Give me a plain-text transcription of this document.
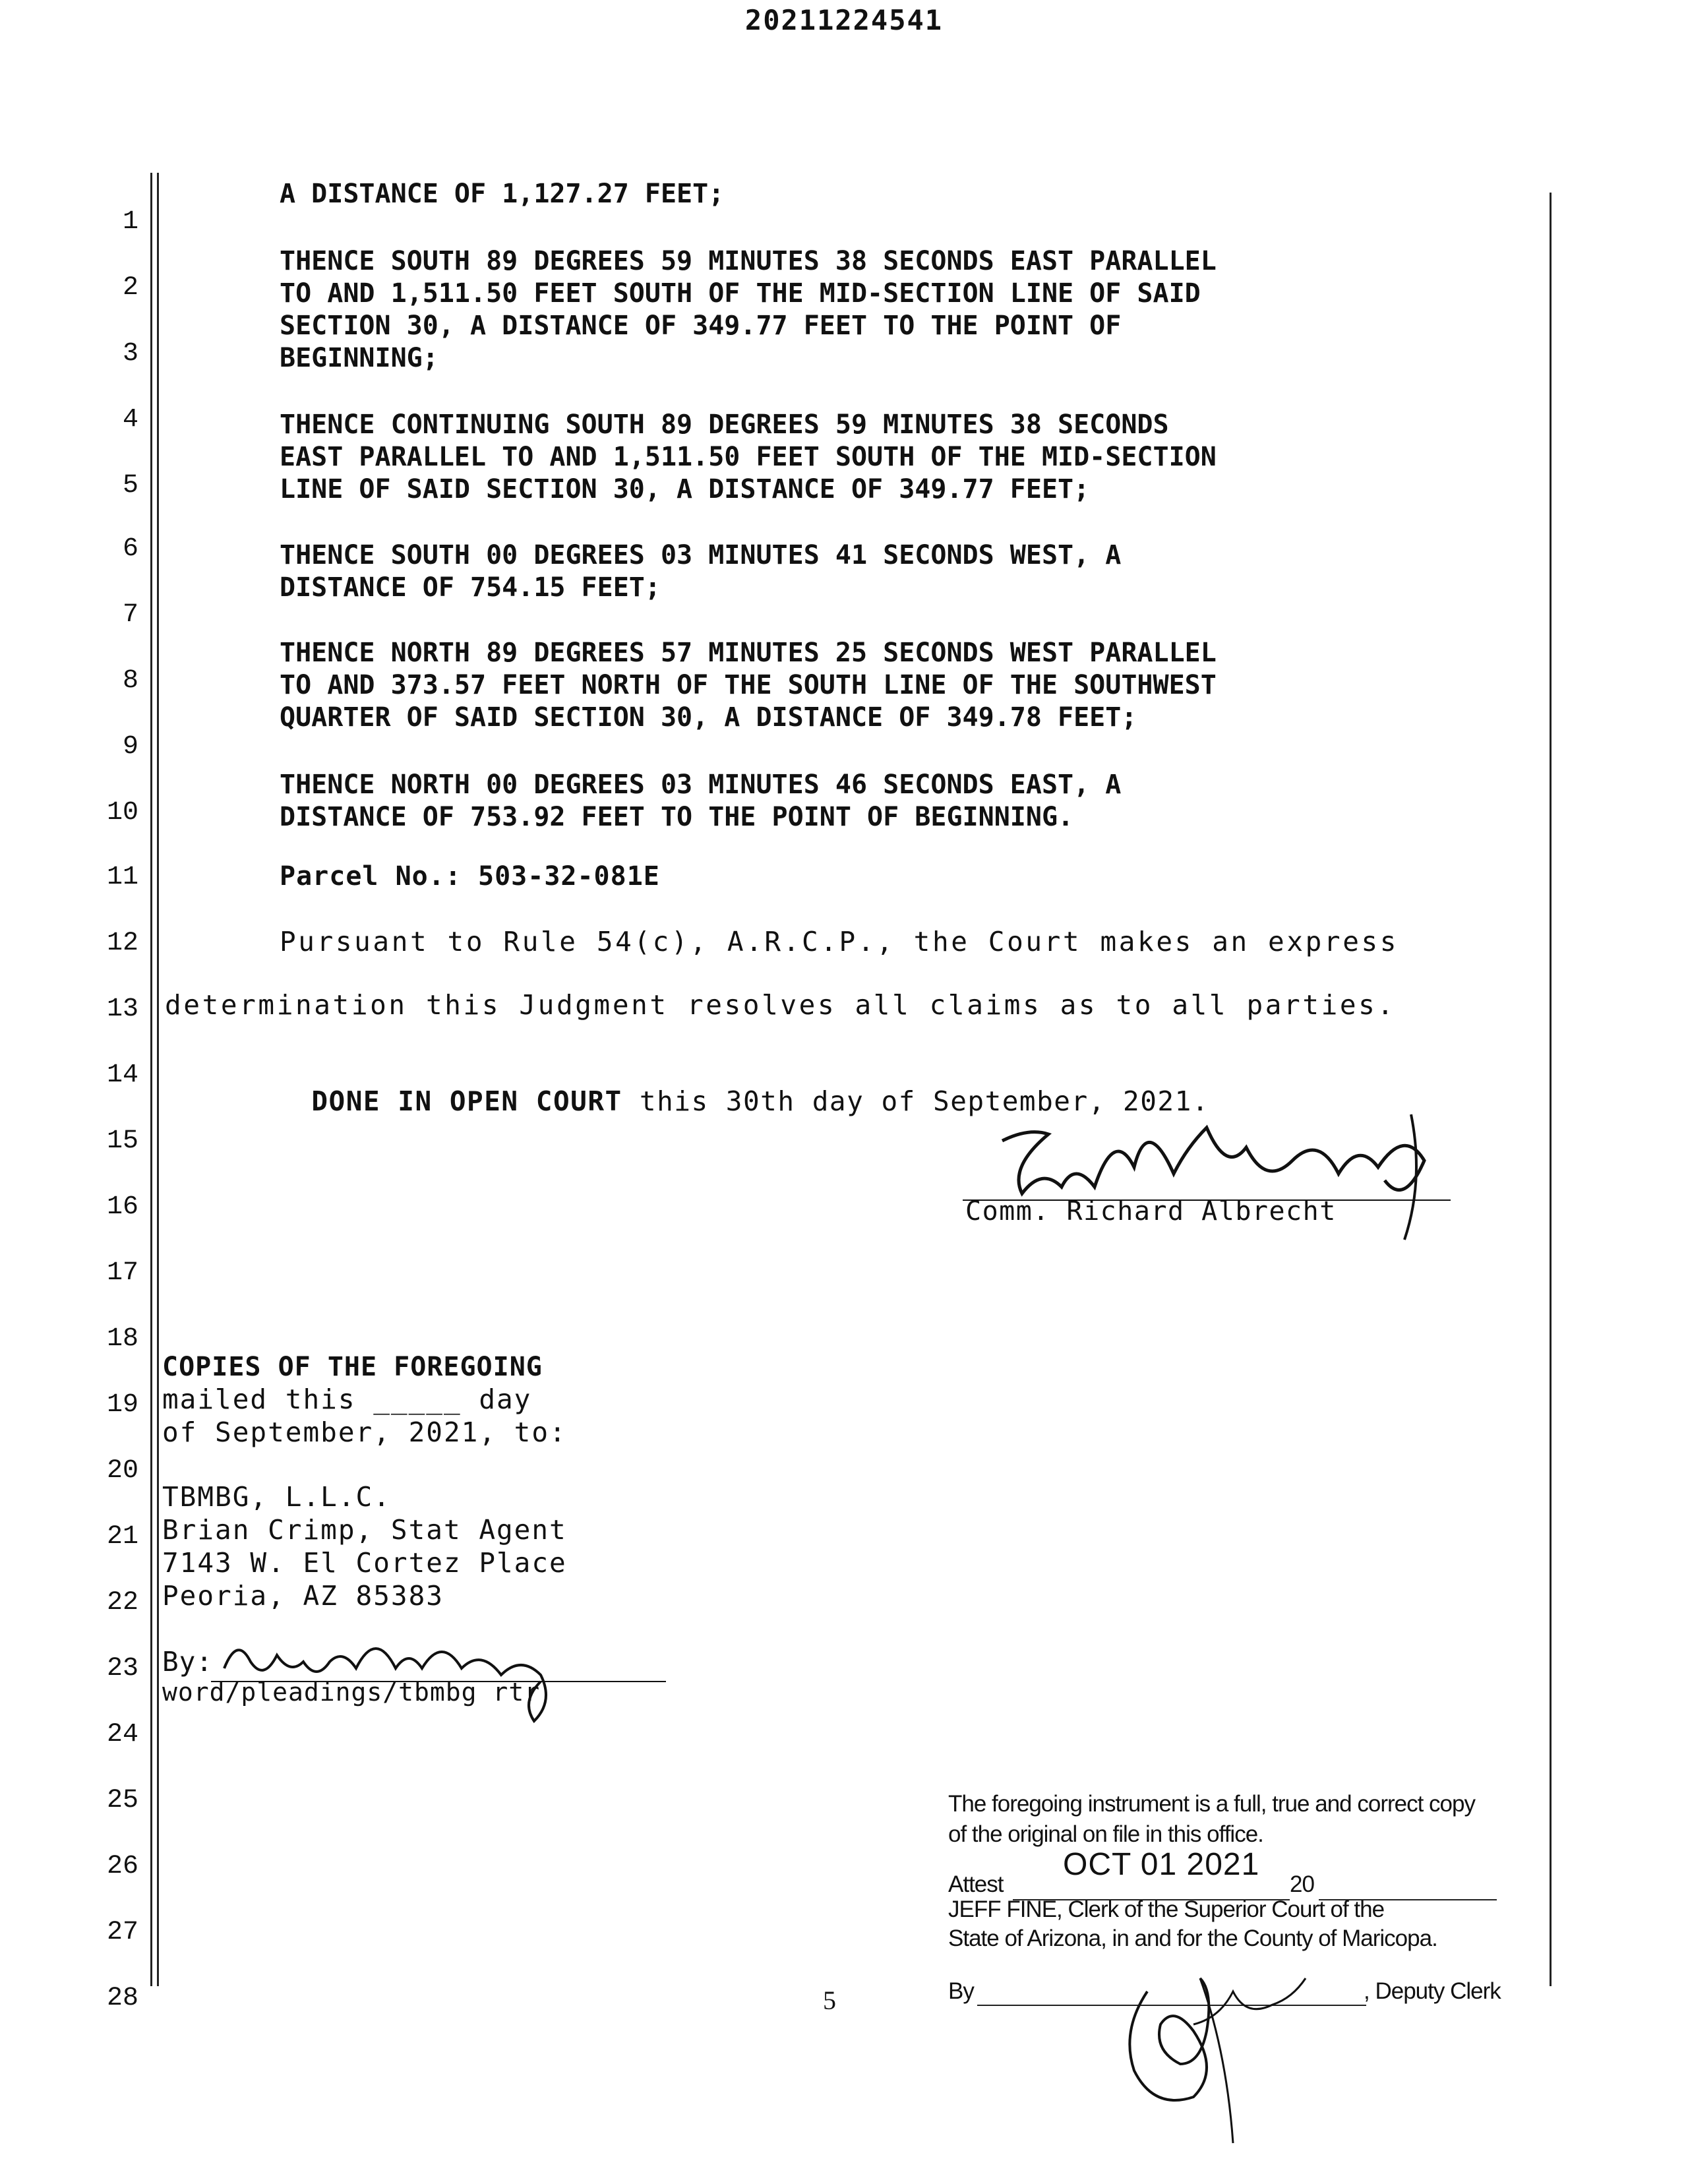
20211224541
1
2
3
4
5
6
7
8
9
10
11
12
13
14
15
16
17
18
19
20
21
22
23
24
25
26
27
28
A DISTANCE OF 1,127.27 FEET;
THENCE SOUTH 89 DEGREES 59 MINUTES 38 SECONDS EAST PARALLEL
TO AND 1,511.50 FEET SOUTH OF THE MID-SECTION LINE OF SAID
SECTION 30, A DISTANCE OF 349.77 FEET TO THE POINT OF
BEGINNING;
THENCE CONTINUING SOUTH 89 DEGREES 59 MINUTES 38 SECONDS
EAST PARALLEL TO AND 1,511.50 FEET SOUTH OF THE MID-SECTION
LINE OF SAID SECTION 30, A DISTANCE OF 349.77 FEET;
THENCE SOUTH 00 DEGREES 03 MINUTES 41 SECONDS WEST, A
DISTANCE OF 754.15 FEET;
THENCE NORTH 89 DEGREES 57 MINUTES 25 SECONDS WEST PARALLEL
TO AND 373.57 FEET NORTH OF THE SOUTH LINE OF THE SOUTHWEST
QUARTER OF SAID SECTION 30, A DISTANCE OF 349.78 FEET;
THENCE NORTH 00 DEGREES 03 MINUTES 46 SECONDS EAST, A
DISTANCE OF 753.92 FEET TO THE POINT OF BEGINNING.
Parcel No.: 503-32-081E
Pursuant to Rule 54(c), A.R.C.P., the Court makes an express
determination this Judgment resolves all claims as to all parties.

DONE IN OPEN COURT this 30th day of September, 2021.

Comm. Richard Albrecht
COPIES OF THE FOREGOING
mailed this _____ day
of September, 2021, to:
TBMBG, L.L.C.
Brian Crimp, Stat Agent
7143 W. El Cortez Place
Peoria, AZ 85383
By:
word/pleadings/tbmbg rtr
5
The foregoing instrument is a full, true and correct copy
of the original on file in this office.
Attest
OCT 01 2021
20
JEFF FINE, Clerk of the Superior Court of the
State of Arizona, in and for the County of Maricopa.
By	, Deputy Clerk
